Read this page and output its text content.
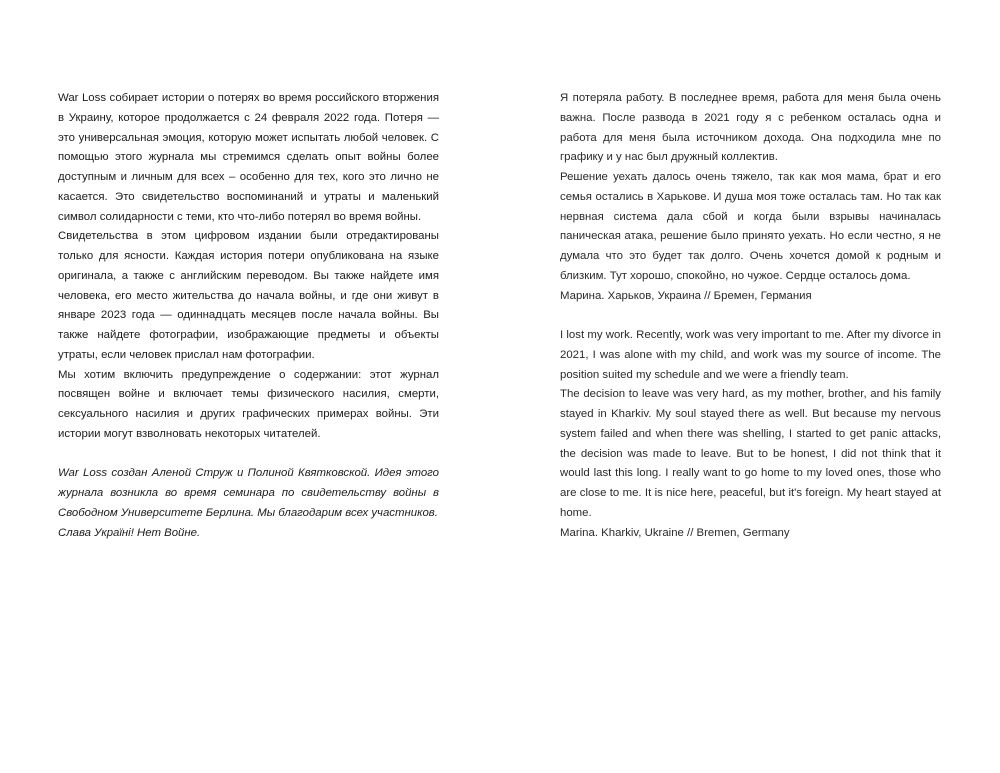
War Loss собирает истории о потерях во время российского вторжения в Украину, которое продолжается с 24 февраля 2022 года. Потеря — это универсальная эмоция, которую может испытать любой человек. С помощью этого журнала мы стремимся сделать опыт войны более доступным и личным для всех – особенно для тех, кого это лично не касается. Это свидетельство воспоминаний и утраты и маленький символ солидарности с теми, кто что-либо потерял во время войны.

Свидетельства в этом цифровом издании были отредактированы только для ясности. Каждая история потери опубликована на языке оригинала, а также с английским переводом. Вы также найдете имя человека, его место жительства до начала войны, и где они живут в январе 2023 года — одиннадцать месяцев после начала войны. Вы также найдете фотографии, изображающие предметы и объекты утраты, если человек прислал нам фотографии.

Мы хотим включить предупреждение о содержании: этот журнал посвящен войне и включает темы физического насилия, смерти, сексуального насилия и других графических примерах войны. Эти истории могут взволновать некоторых читателей.

War Loss создан Аленой Струж и Полиной Квятковской. Идея этого журнала возникла во время семинара по свидетельству войны в Свободном Университете Берлина. Мы благодарим всех участников.

Слава Україні! Нет Войне.

Я потеряла работу. В последнее время, работа для меня была очень важна. После развода в 2021 году я с ребенком осталась одна и работа для меня была источником дохода. Она подходила мне по графику и у нас был дружный коллектив.

Решение уехать далось очень тяжело, так как моя мама, брат и его семья остались в Харькове. И душа моя тоже осталась там. Но так как нервная система дала сбой и когда были взрывы начиналась паническая атака, решение было принято уехать. Но если честно, я не думала что это будет так долго. Очень хочется домой к родным и близким. Тут хорошо, спокойно, но чужое. Сердце осталось дома.

Марина. Харьков, Украина // Бремен, Германия

I lost my work. Recently, work was very important to me. After my divorce in 2021, I was alone with my child, and work was my source of income. The position suited my schedule and we were a friendly team.

The decision to leave was very hard, as my mother, brother, and his family stayed in Kharkiv. My soul stayed there as well. But because my nervous system failed and when there was shelling, I started to get panic attacks, the decision was made to leave. But to be honest, I did not think that it would last this long. I really want to go home to my loved ones, those who are close to me. It is nice here, peaceful, but it's foreign. My heart stayed at home.

Marina. Kharkiv, Ukraine // Bremen, Germany
